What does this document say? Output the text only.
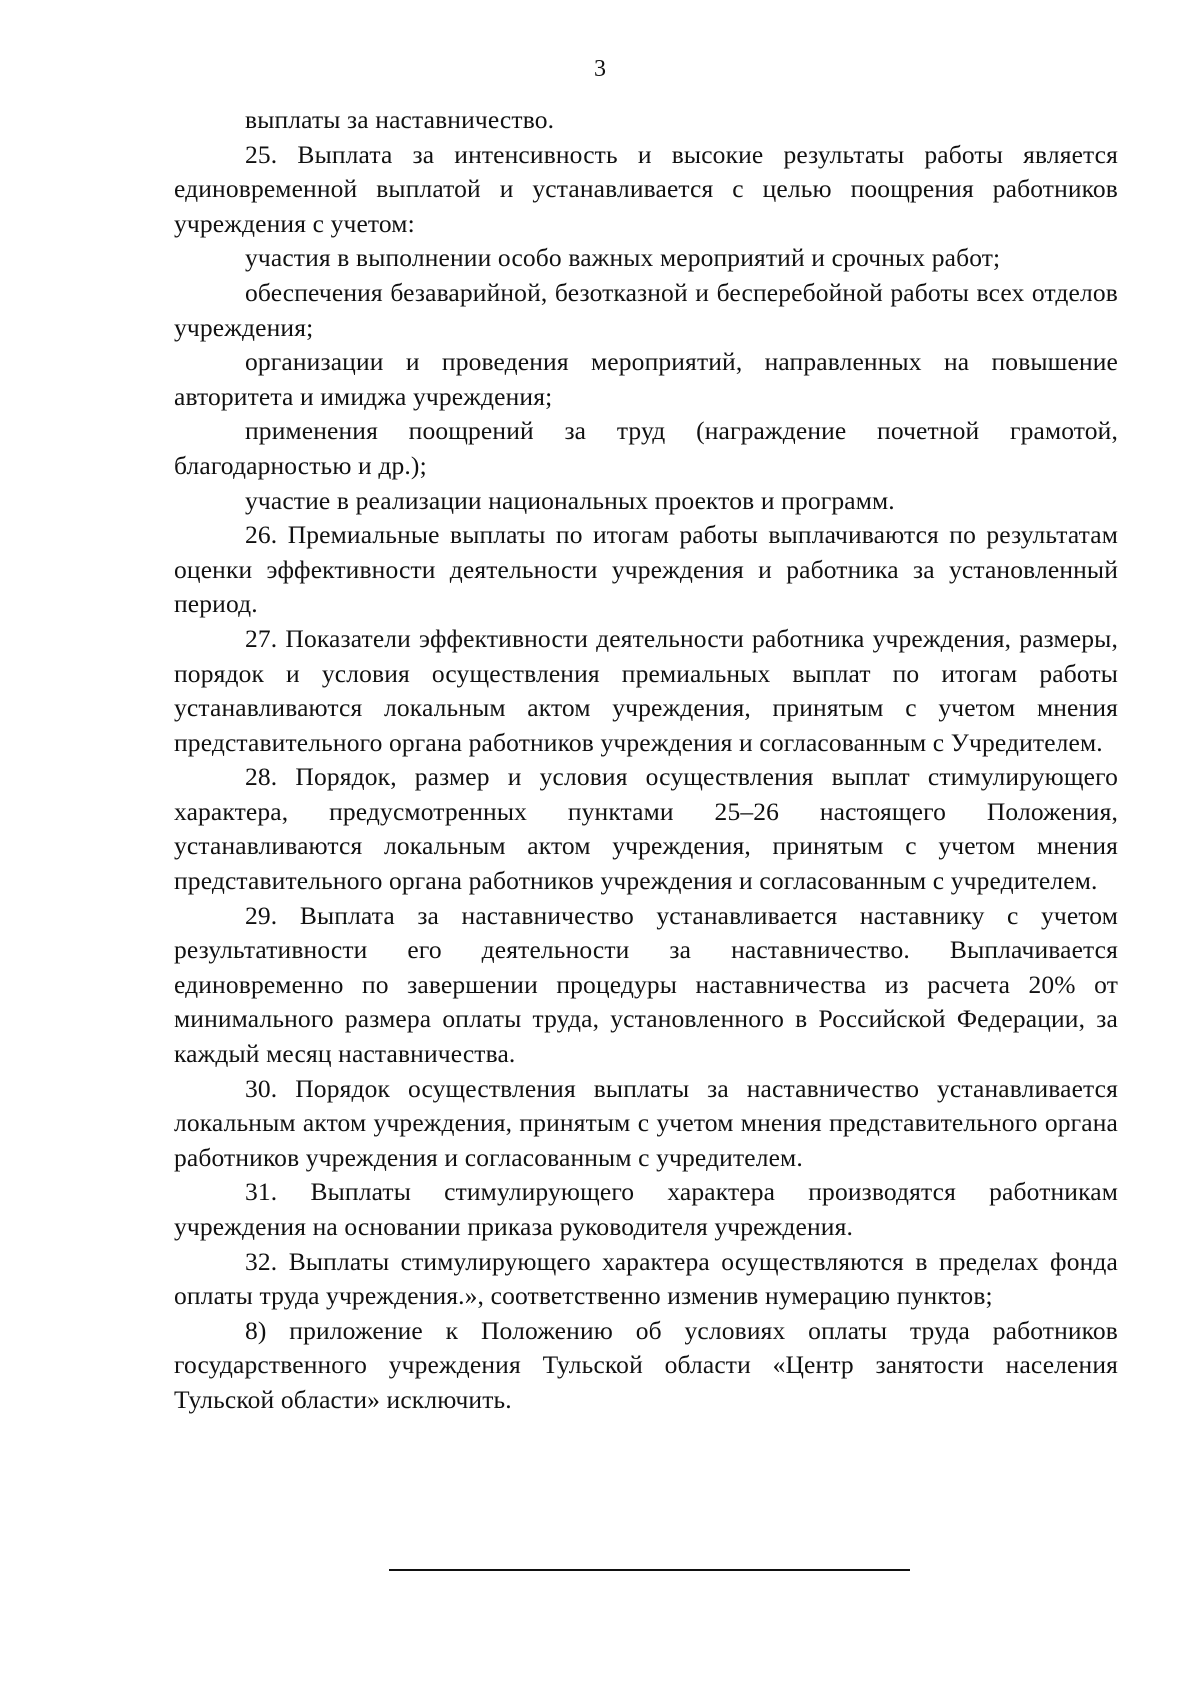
3

выплаты за наставничество.

25. Выплата за интенсивность и высокие результаты работы является единовременной выплатой и устанавливается с целью поощрения работников учреждения с учетом:

участия в выполнении особо важных мероприятий и срочных работ;

обеспечения безаварийной, безотказной и бесперебойной работы всех отделов учреждения;

организации и проведения мероприятий, направленных на повышение авторитета и имиджа учреждения;

применения поощрений за труд (награждение почетной грамотой, благодарностью и др.);

участие в реализации национальных проектов и программ.

26. Премиальные выплаты по итогам работы выплачиваются по результатам оценки эффективности деятельности учреждения и работника за установленный период.

27. Показатели эффективности деятельности работника учреждения, размеры, порядок и условия осуществления премиальных выплат по итогам работы устанавливаются локальным актом учреждения, принятым с учетом мнения представительного органа работников учреждения и согласованным с Учредителем.

28. Порядок, размер и условия осуществления выплат стимулирующего характера, предусмотренных пунктами 25–26 настоящего Положения, устанавливаются локальным актом учреждения, принятым с учетом мнения представительного органа работников учреждения и согласованным с учредителем.

29. Выплата за наставничество устанавливается наставнику с учетом результативности его деятельности за наставничество. Выплачивается единовременно по завершении процедуры наставничества из расчета 20% от минимального размера оплаты труда, установленного в Российской Федерации, за каждый месяц наставничества.

30. Порядок осуществления выплаты за наставничество устанавливается локальным актом учреждения, принятым с учетом мнения представительного органа работников учреждения и согласованным с учредителем.

31. Выплаты стимулирующего характера производятся работникам учреждения на основании приказа руководителя учреждения.

32. Выплаты стимулирующего характера осуществляются в пределах фонда оплаты труда учреждения.», соответственно изменив нумерацию пунктов;

8) приложение к Положению об условиях оплаты труда работников государственного учреждения Тульской области «Центр занятости населения Тульской области» исключить.
